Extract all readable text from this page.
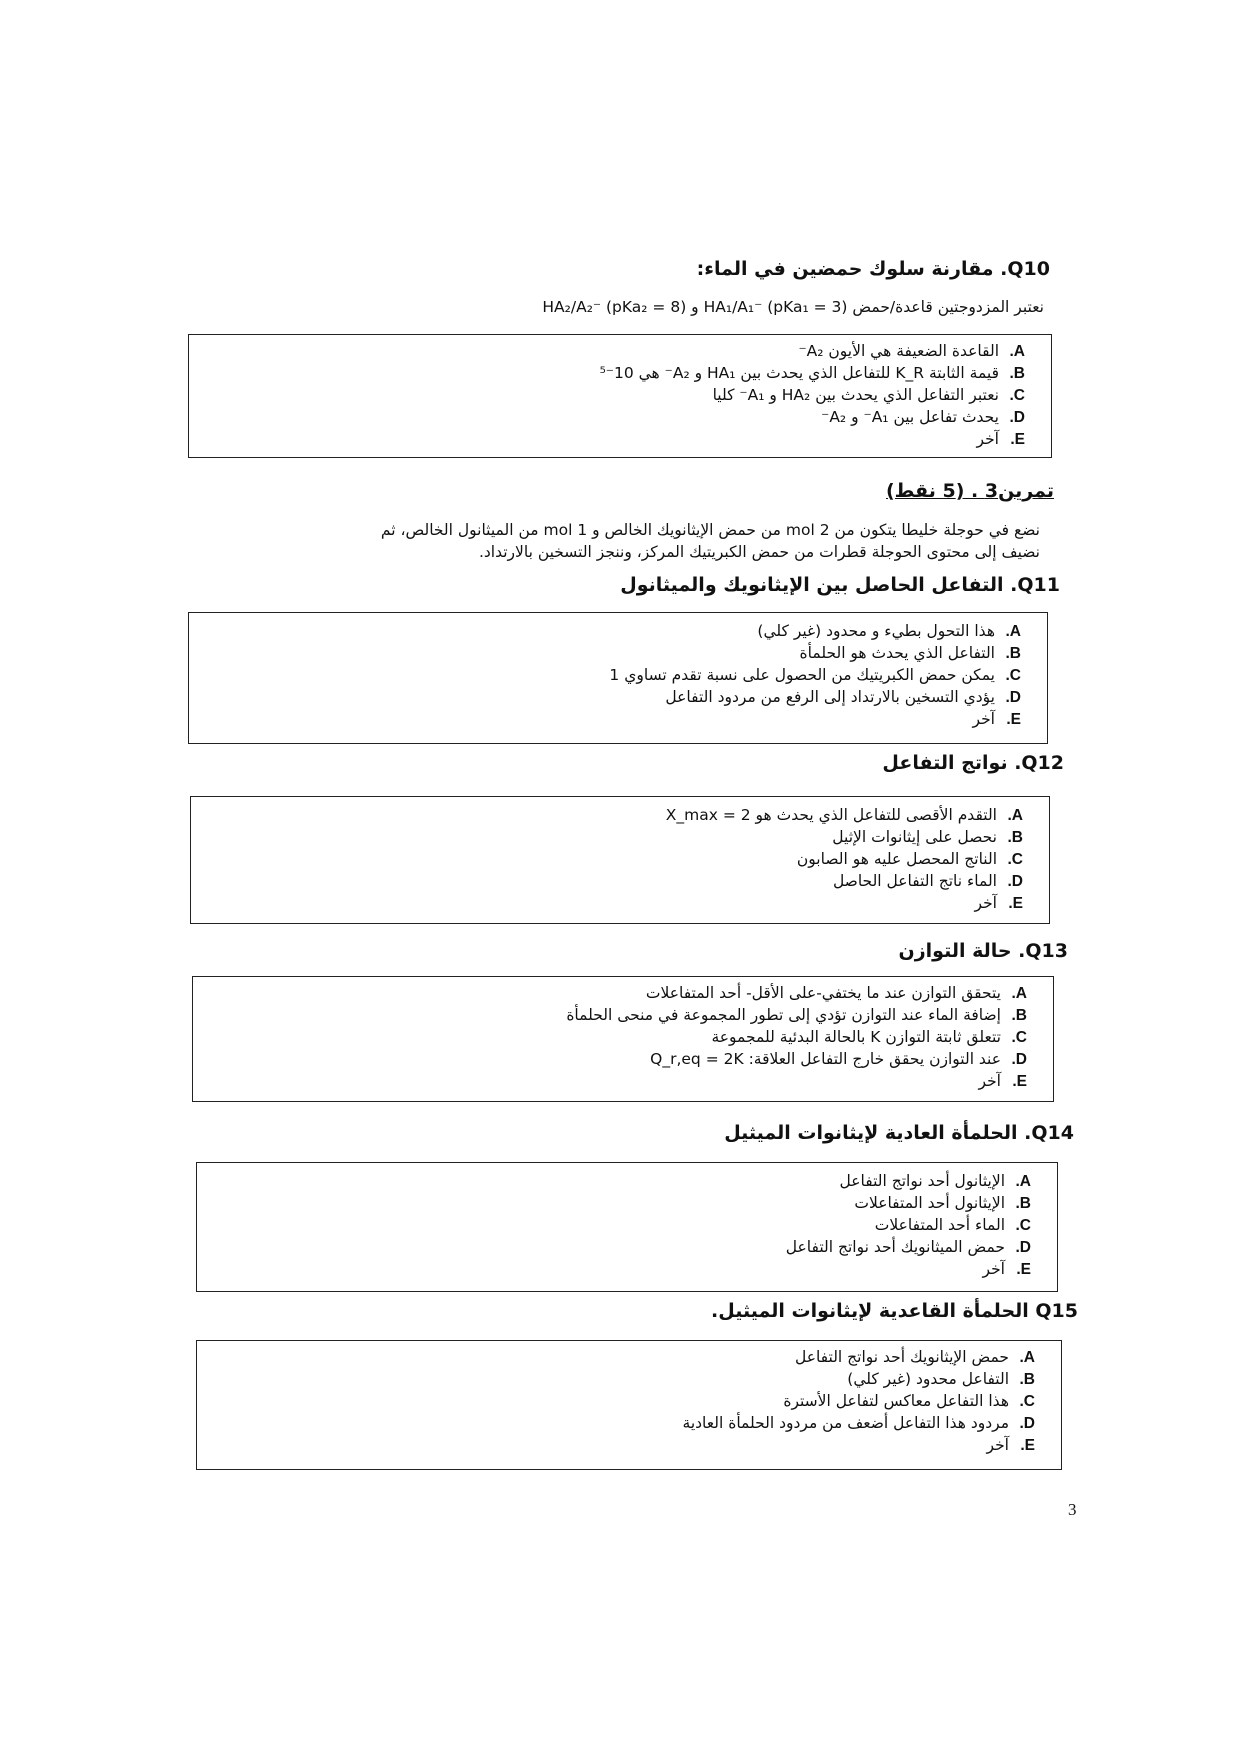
Q10. مقارنة سلوك حمضين في الماء:
نعتبر المزدوجتين قاعدة/حمض HA₁/A₁⁻ (pKa₁ = 3) و HA₂/A₂⁻ (pKa₂ = 8)
A.القاعدة الضعيفة هي الأيون A₂⁻
B.قيمة الثابتة K_R للتفاعل الذي يحدث بين HA₁ و A₂⁻ هي 10⁻⁵
C.نعتبر التفاعل الذي يحدث بين HA₂ و A₁⁻ كليا
D.يحدث تفاعل بين A₁⁻ و A₂⁻
E.آخر
تمرين3 . (5 نقط)
نضع في حوجلة خليطا يتكون من 2 mol من حمض الإيثانويك الخالص و 1 mol من الميثانول الخالص، ثم
نضيف إلى محتوى الحوجلة قطرات من حمض الكبريتيك المركز، وننجز التسخين بالارتداد.
Q11. التفاعل الحاصل بين الإيثانويك والميثانول
A.هذا التحول بطيء و محدود (غير كلي)
B.التفاعل الذي يحدث هو الحلمأة
C.يمكن حمض الكبريتيك من الحصول على نسبة تقدم تساوي 1
D.يؤدي التسخين بالارتداد إلى الرفع من مردود التفاعل
E.آخر
Q12. نواتج التفاعل
A.التقدم الأقصى للتفاعل الذي يحدث هو X_max = 2
B.نحصل على إيثانوات الإثيل
C.الناتج المحصل عليه هو الصابون
D.الماء ناتج التفاعل الحاصل
E.آخر
Q13. حالة التوازن
A.يتحقق التوازن عند ما يختفي-على الأقل- أحد المتفاعلات
B.إضافة الماء عند التوازن تؤدي إلى تطور المجموعة في منحى الحلمأة
C.تتعلق ثابتة التوازن K بالحالة البدئية للمجموعة
D.عند التوازن يحقق خارج التفاعل العلاقة: Q_r,eq = 2K
E.آخر
Q14. الحلمأة العادية لإيثانوات الميثيل
A.الإيثانول أحد نواتج التفاعل
B.الإيثانول أحد المتفاعلات
C.الماء أحد المتفاعلات
D.حمض الميثانويك أحد نواتج التفاعل
E.آخر
Q15 الحلمأة القاعدية لإيثانوات الميثيل.
A.حمض الإيثانويك أحد نواتج التفاعل
B.التفاعل محدود (غير كلي)
C.هذا التفاعل معاكس لتفاعل الأسترة
D.مردود هذا التفاعل أضعف من مردود الحلمأة العادية
E.آخر
3
